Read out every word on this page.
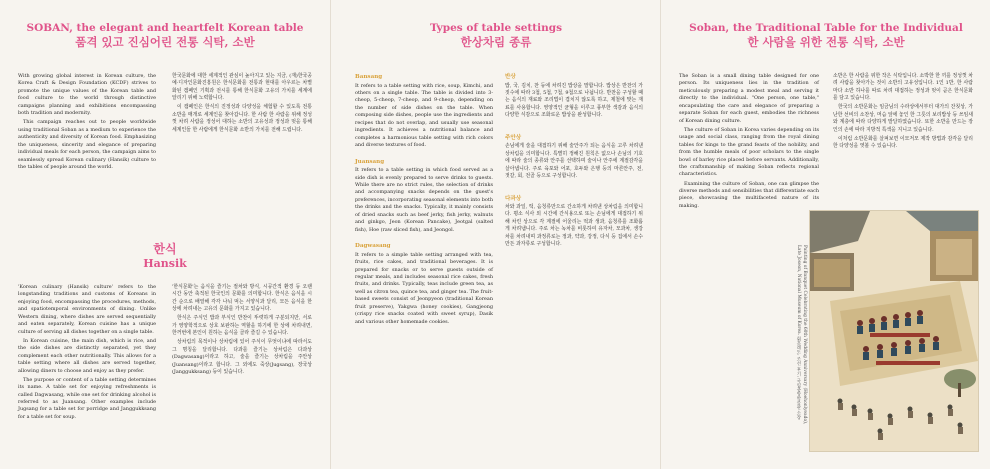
SOBAN, the elegant and heartfelt Korean table
품격 있고 진심어린 전통 식탁, 소반

With growing global interest in Korean culture, the Korea Craft & Design Foundation (KCDF) strives to promote the unique values of the Korean table and food culture to the world through distinctive campaigns planning and exhibitions encompassing both tradition and modernity.

This campaign reaches out to people worldwide using traditional Soban as a medium to experience the authenticity and diversity of Korean food. Emphasizing the uniqueness, sincerity and elegance of preparing individual meals for each person, the campaign aims to seamlessly spread Korean culinary (Hansik) culture to the tables of people around the world.

한국문화에 대한 세계적인 관심이 높아지고 있는 지금, (재)한국공예·디자인문화진흥원은 한식문화를 전통과 현대를 아우르는 차별화된 캠페인 기획과 전시를 통해 한식문화 고유의 가치를 세계에 알리기 위해 노력합니다.

이 캠페인은 한식의 진정성과 다양성을 체험할 수 있도록 전통 소반을 매개로 세계인을 찾아갑니다. 한 사람 한 사람을 위해 정성껏 차려 사람을 정성어 대하는 소반의 고유성과 정성과 멋을 통해 세계인들 한 사람에게 한식문화 소반의 가치를 전해 드립니다.

한식
Hansik

'Korean culinary (Hansik) culture' refers to the longstanding traditions and customs of Koreans in enjoying food, encompassing the procedures, methods, and spatiotemporal environments of dining. Unlike Western dining, where dishes are served sequentially and eaten separately, Korean cuisine has a unique culture of serving all dishes together on a single table.

In Korean cuisine, the main dish, which is rice, and the side dishes are distinctly separated, yet they complement each other nutritionally. This allows for a table setting where all dishes are served together, allowing diners to choose and enjoy as they prefer.

The purpose or content of a table setting determines its name. A table set for enjoying refreshments is called Dagwasang, while one set for drinking alcohol is referred to as Juansang. Other examples include Jugsang for a table set for porridge and Janggukksang for a table set for soup.

'한식문화'는 음식을 즐기는 절차와 방식, 시공간적 환경 등 오랜 시간 동안 축적된 한국인의 문화를 의미합니다. 한식은 음식을 시간 순으로 배열해 각각 나눠 먹는 서양식과 달리, 모든 음식을 한 상에 차려내는 고유의 문화를 가지고 있습니다.

한식은 주식인 밥과 부식인 반찬이 뚜렷하게 구분되지만, 서로가 영양학적으로 상호 보완하는 역할을 하기에 한 상에 차려내면, 한꺼번에 본인이 원하는 음식을 골라 즐길 수 있습니다.

상차림의 목적이나 상차림에 있어 주식이 무엇이냐에 따라서도 그 명칭을 달리합니다. 다과를 즐기는 상차림은 다과상(Dagwasang)이라고 하고, 술을 즐기는 상차림을 주안상(Juansang)이라고 합니다. 그 외에도 죽상(Jugsang), 장국상(Janggukksang) 등이 있습니다.

Types of table settings
한상차림 종류
Bansang
It refers to a table setting with rice, soup, Kimchi, and others on a single table. The table is divided into 3-cheop, 5-cheop, 7-cheop, and 9-cheop, depending on the number of side dishes on the table. When composing side dishes, people use the ingredients and recipes that do not overlap, and usually use seasonal ingredients. It achieves a nutritional balance and completes a harmonious table setting with rich colors and diverse textures of food.
Juansang
It refers to a table setting in which food served as a side dish is evenly prepared to serve drinks to guests. While there are no strict rules, the selection of drinks and accompanying snacks depends on the guest's preferences, incorporating seasonal elements into both the drinks and the snacks. Typically, it mainly consists of dried snacks such as beef jerky, fish jerky, walnuts and ginkgo, Jeon (Korean Pancake), Jeotgal (salted fish), Hoe (raw sliced fish), and Jeongol.
Dagwasang
It refers to a simple table setting arranged with tea, fruits, rice cakes, and traditional beverages. It is prepared for snacks or to serve guests outside of regular meals, and includes seasonal rice cakes, fresh fruits, and drinks. Typically, teas include green tea, as well as citron tea, quince tea, and ginger tea. The fruit-based sweets consist of Jeonpyeon (traditional Korean fruit preserve), Yakgwa (honey cookies), Gangjeong (crispy rice snacks coated with sweet syrup), Dasik and various other homemade cookies.
반상
밥, 국, 김치, 찬 등에 차려진 밥상을 말합니다. 밥상은 반찬의 가짓수에 따라 3첩, 5첩, 7첩, 9첩으로 나뉩니다. 반찬을 구성할 때는 음식의 재료와 조리법이 겹치지 않도록 하고, 제철에 맞는 재료를 사용합니다. 영양적인 균형을 이루고 풍부한 색감과 음식의 다양한 식감으로 조화로운 밥상을 완성합니다.
주안상
손님에게 술을 대접하기 위해 술안주가 되는 음식을 고루 차려낸 상차림을 의미합니다. 특별히 정해진 원칙은 없으나 손님의 기호에 따라 술의 종류와 안주를 선택하며 술이나 안주에 계절감각을 살아냅니다. 주로 육포와 어포, 호두와 은행 등의 마른안주, 전, 젓갈, 회, 전골 등으로 구성합니다.
다과상
차와 과일, 떡, 음청류만으로 간소하게 차려낸 상차림을 의미합니다. 평소 식사 외 시간에 간식용으로 또는 손님에게 대접하기 위해 차린 상으로 각 계절에 어울리는 떡과 생과, 음청류를 조화롭게 차려냅니다. 주로 차는 녹차를 비롯하여 유자차, 모과차, 생강차를 차려내며 과정류로는 정과, 약과, 강정, 다식 등 집에서 손수 만든 과자류로 구성합니다.
Soban, the Traditional Table for the Individual
한 사람을 위한 전통 식탁, 소반

The Soban is a small dining table designed for one person. Its uniqueness lies in the tradition of meticulously preparing a modest meal and serving it directly to the individual. "One person, one table," encapsulating the care and elegance of preparing a separate Soban for each guest, embodies the richness of Korean dining culture.

The culture of Soban in Korea varies depending on its usage and social class, ranging from the royal dining tables for kings to the grand feasts of the nobility, and from the humble meals of poor scholars to the single bowl of barley rice placed before servants. Additionally, the craftsmanship of making Soban reflects regional characteristics.

Examining the culture of Soban, one can glimpse the diverse methods and sensibilities that differentiate each piece, showcasing the multifaceted nature of its making.

소반은 한 사람을 위한 작은 식탁입니다. 소박한 한 끼를 정성껏 차려 사람을 찾아가는 것이 소반의 고유성입니다. 1인 1반, 한 사람마다 소반 하나를 따로 차려 대접하는 정성과 멋이 곧은 한식문화를 담고 있습니다.

한국의 소반문화는 임금님의 수라상에서부터 대가의 잔칫상, 가난한 선비의 소찬상, 머슴 앞에 놓인 한 그릇의 보리밥상 등 쓰임새와 계층에 따라 다양하게 발달하였습니다. 또한 소반을 만드는 장인의 손에 따라 지방적 특색을 지니고 있습니다.

이처럼 소반문화를 살펴보면 이모저모 제작 방법과 감각을 달리한 다양성을 엿볼 수 있습니다.

Painting of Banquet Celebrating the 60th Wedding Anniversary (Hoehonlyeado), Late Joseon, National Museum of Korea. 회혼례도, 조선 후기, 국립중앙박물관 소장
